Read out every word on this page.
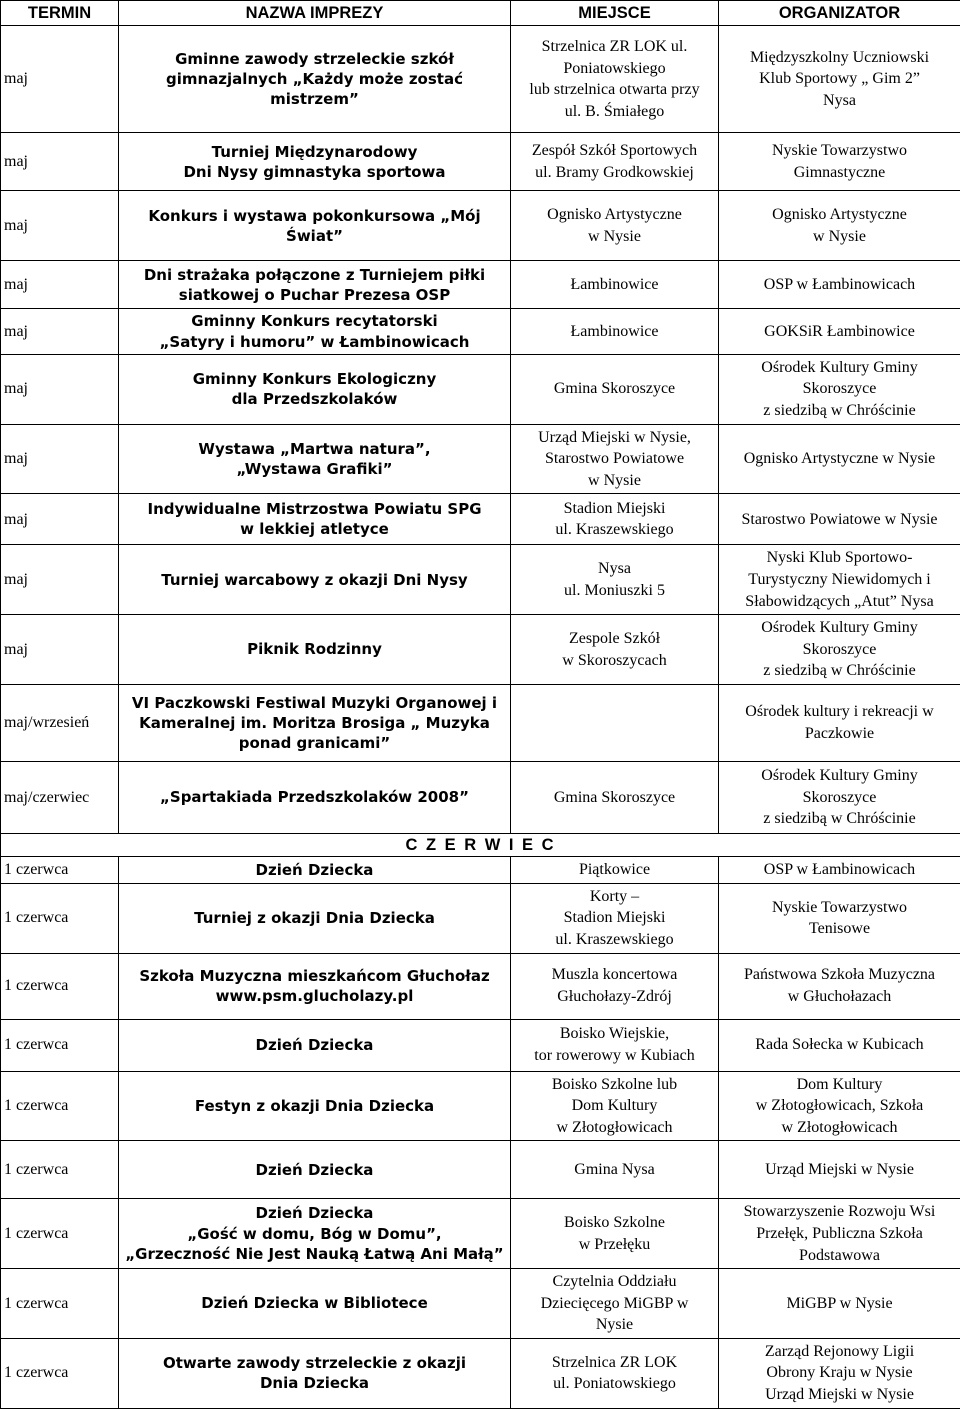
TERMIN	NAZWA IMPREZY	MIEJSCE	ORGANIZATOR
maj	Gminne zawody strzeleckie szkół
gimnazjalnych „Każdy może zostać mistrzem”	Strzelnica ZR LOK ul.
Poniatowskiego
lub strzelnica otwarta przy
ul. B. Śmiałego	Międzyszkolny Uczniowski
Klub Sportowy „ Gim 2”
Nysa
maj	Turniej Międzynarodowy
Dni Nysy gimnastyka sportowa	Zespół Szkół Sportowych
ul. Bramy Grodkowskiej	Nyskie Towarzystwo
Gimnastyczne
maj	Konkurs i wystawa pokonkursowa „Mój Świat”	Ognisko Artystyczne
w Nysie	Ognisko Artystyczne
w Nysie
maj	Dni strażaka połączone z Turniejem piłki
siatkowej o Puchar Prezesa OSP	Łambinowice	OSP w Łambinowicach
maj	Gminny Konkurs recytatorski
„Satyry i humoru” w Łambinowicach	Łambinowice	GOKSiR Łambinowice
maj	Gminny Konkurs Ekologiczny
dla Przedszkolaków	Gmina Skoroszyce	Ośrodek Kultury Gminy
Skoroszyce
z siedzibą w Chróścinie
maj	Wystawa „Martwa natura”,
„Wystawa Grafiki”	Urząd Miejski w Nysie,
Starostwo Powiatowe
w Nysie	Ognisko Artystyczne w Nysie
maj	Indywidualne Mistrzostwa Powiatu SPG
w lekkiej atletyce	Stadion Miejski
ul. Kraszewskiego	Starostwo Powiatowe w Nysie
maj	Turniej warcabowy z okazji Dni Nysy	Nysa
ul. Moniuszki 5	Nyski Klub Sportowo-
Turystyczny Niewidomych i
Słabowidzących „Atut” Nysa
maj	Piknik Rodzinny	Zespole Szkół
w Skoroszycach	Ośrodek Kultury Gminy
Skoroszyce
z siedzibą w Chróścinie
maj/wrzesień	VI Paczkowski Festiwal Muzyki Organowej i
Kameralnej im. Moritza Brosiga „ Muzyka
ponad granicami”		Ośrodek kultury i rekreacji w
Paczkowie
maj/czerwiec	„Spartakiada Przedszkolaków 2008”	Gmina Skoroszyce	Ośrodek Kultury Gminy
Skoroszyce
z siedzibą w Chróścinie
C Z E R W I E C			
1 czerwca	Dzień Dziecka	Piątkowice	OSP w Łambinowicach
1 czerwca	Turniej z okazji Dnia Dziecka	Korty –
Stadion Miejski
ul. Kraszewskiego	Nyskie Towarzystwo
Tenisowe
1 czerwca	Szkoła Muzyczna mieszkańcom Głuchołaz
www.psm.glucholazy.pl	Muszla koncertowa
Głuchołazy-Zdrój	Państwowa Szkoła Muzyczna
w Głuchołazach
1 czerwca	Dzień Dziecka	Boisko Wiejskie,
tor rowerowy w Kubiach	Rada Sołecka w Kubicach
1 czerwca	Festyn z okazji Dnia Dziecka	Boisko Szkolne lub
Dom Kultury
w Złotogłowicach	Dom Kultury
w Złotogłowicach, Szkoła
w Złotogłowicach
1 czerwca	Dzień Dziecka	Gmina Nysa	Urząd Miejski w Nysie
1 czerwca	Dzień Dziecka
„Gość w domu, Bóg w Domu”,
„Grzeczność Nie Jest Nauką Łatwą Ani Małą”	Boisko Szkolne
w Przełęku	Stowarzyszenie Rozwoju Wsi
Przełęk, Publiczna Szkoła
Podstawowa
1 czerwca	Dzień Dziecka w Bibliotece	Czytelnia Oddziału
Dziecięcego MiGBP w
Nysie	MiGBP w Nysie
1 czerwca	Otwarte zawody strzeleckie z okazji
Dnia Dziecka	Strzelnica ZR LOK
ul. Poniatowskiego	Zarząd Rejonowy Ligii
Obrony Kraju w Nysie
Urząd Miejski w Nysie
